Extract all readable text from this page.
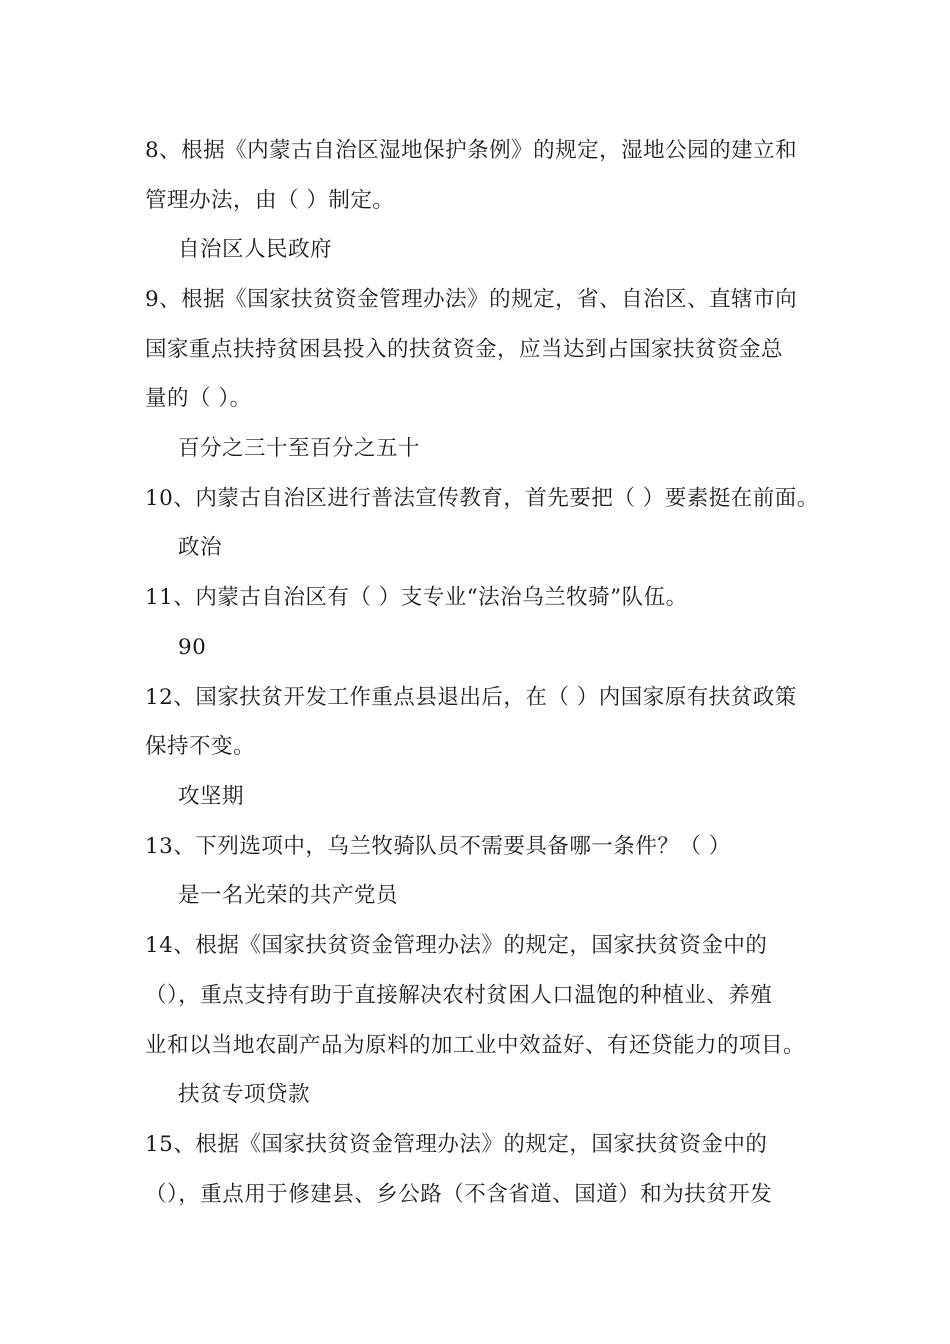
8、根据《内蒙古自治区湿地保护条例》的规定，湿地公园的建立和
管理办法，由（ ）制定。
自治区人民政府
9、根据《国家扶贫资金管理办法》的规定，省、自治区、直辖市向
国家重点扶持贫困县投入的扶贫资金，应当达到占国家扶贫资金总
量的（ ）。
百分之三十至百分之五十
10、内蒙古自治区进行普法宣传教育，首先要把（ ）要素挺在前面。
政治
11、内蒙古自治区有（ ）支专业“法治乌兰牧骑”队伍。
90
12、国家扶贫开发工作重点县退出后，在（ ）内国家原有扶贫政策
保持不变。
攻坚期
13、下列选项中，乌兰牧骑队员不需要具备哪一条件？（ ）
是一名光荣的共产党员
14、根据《国家扶贫资金管理办法》的规定，国家扶贫资金中的
（），重点支持有助于直接解决农村贫困人口温饱的种植业、养殖
业和以当地农副产品为原料的加工业中效益好、有还贷能力的项目。
扶贫专项贷款
15、根据《国家扶贫资金管理办法》的规定，国家扶贫资金中的
（），重点用于修建县、乡公路（不含省道、国道）和为扶贫开发
